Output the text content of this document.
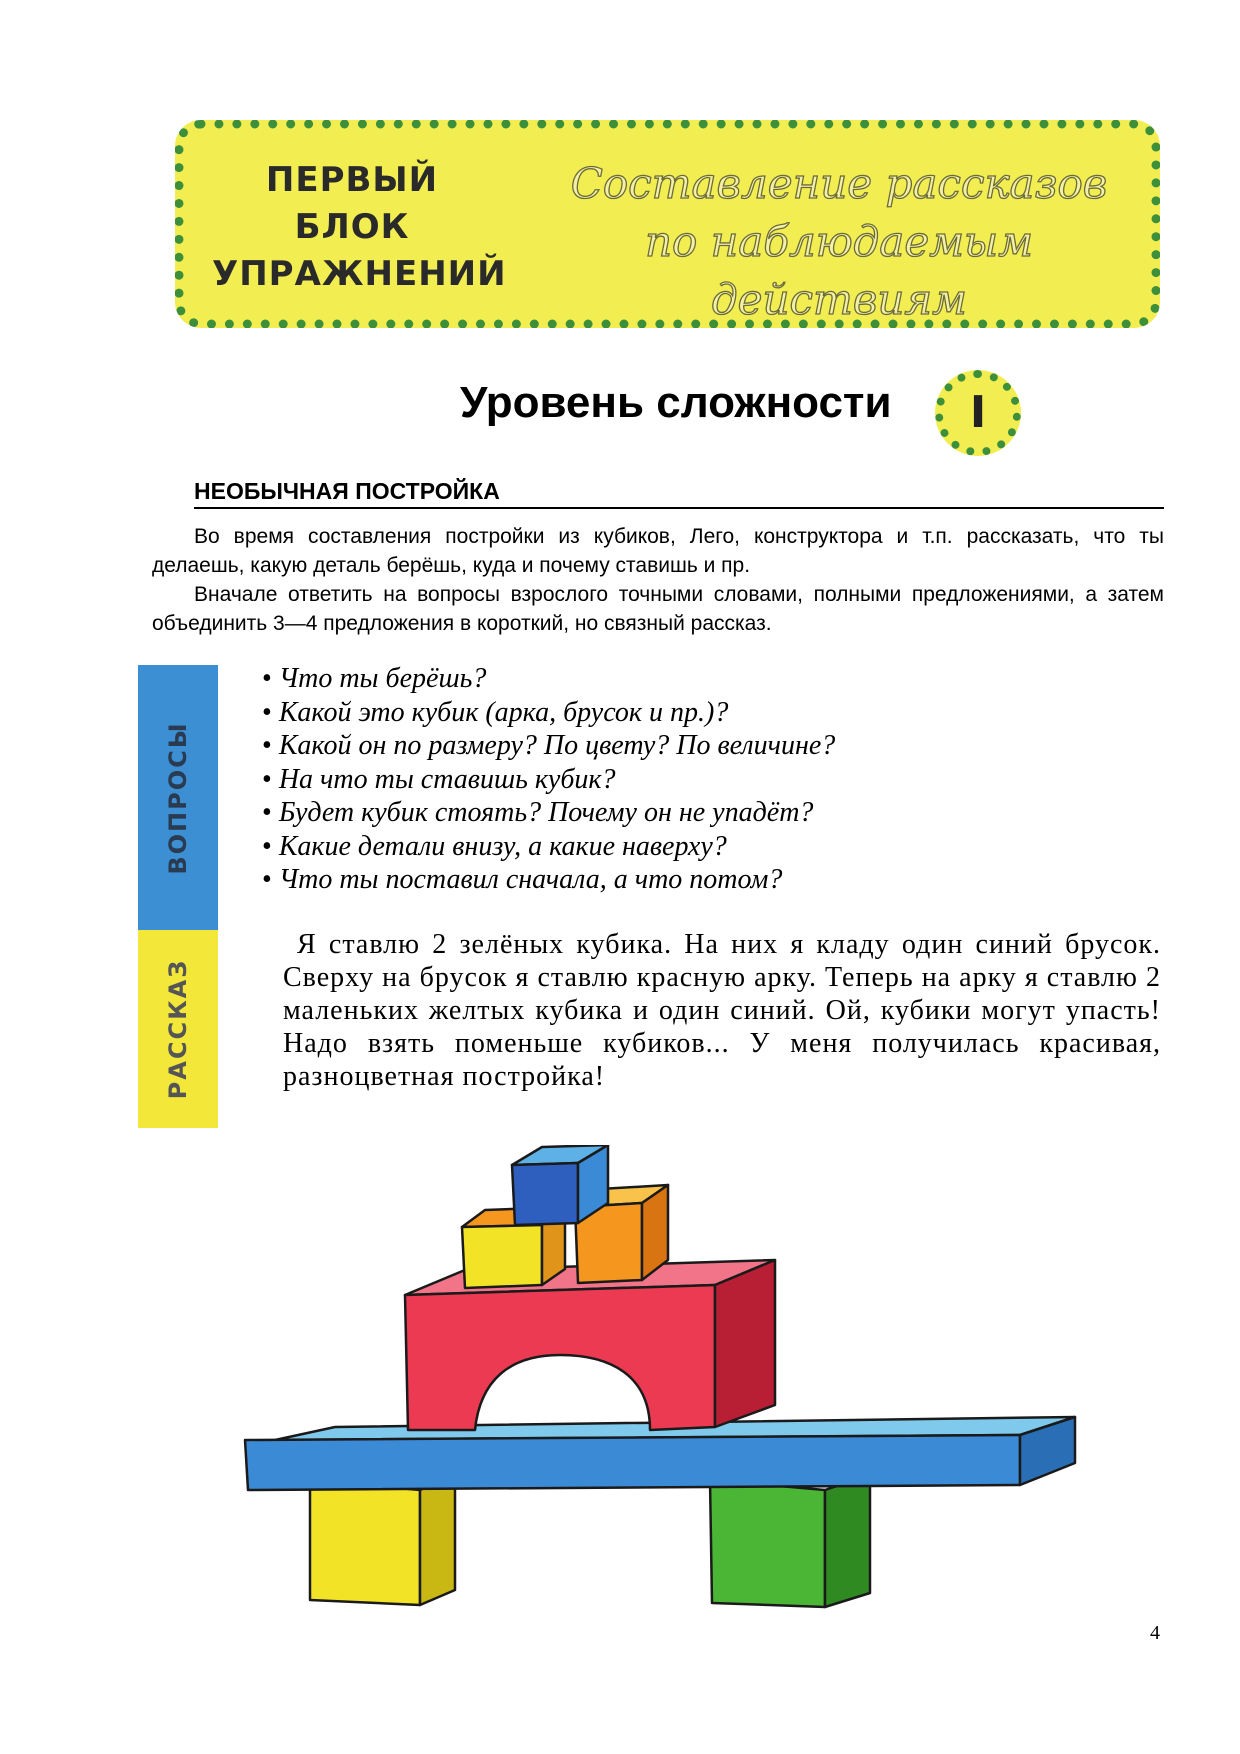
ПЕРВЫЙ
БЛОК
УПРАЖНЕНИЙ
Составление рассказов
по наблюдаемым действиям
Уровень сложности	I
НЕОБЫЧНАЯ ПОСТРОЙКА

Во время составления постройки из кубиков, Лего, конструктора и т.п. рассказать, что ты делаешь, какую деталь берёшь, куда и почему ставишь и пр.

Вначале ответить на вопросы взрослого точными словами, полными предложениями, а затем объединить 3—4 предложения в короткий, но связный рассказ.

ВОПРОСЫ
РАССКАЗ
• Что ты берёшь?
• Какой это кубик (арка, брусок и пр.)?
• Какой он по размеру? По цвету? По величине?
• На что ты ставишь кубик?
• Будет кубик стоять? Почему он не упадёт?
• Какие детали внизу, а какие наверху?
• Что ты поставил сначала, а что потом?
Я ставлю 2 зелёных кубика. На них я кладу один синий брусок. Сверху на брусок я ставлю красную арку. Теперь на арку я ставлю 2 маленьких желтых кубика и один синий. Ой, кубики могут упасть! Надо взять поменьше кубиков... У меня получилась красивая, разноцветная постройка!
4
